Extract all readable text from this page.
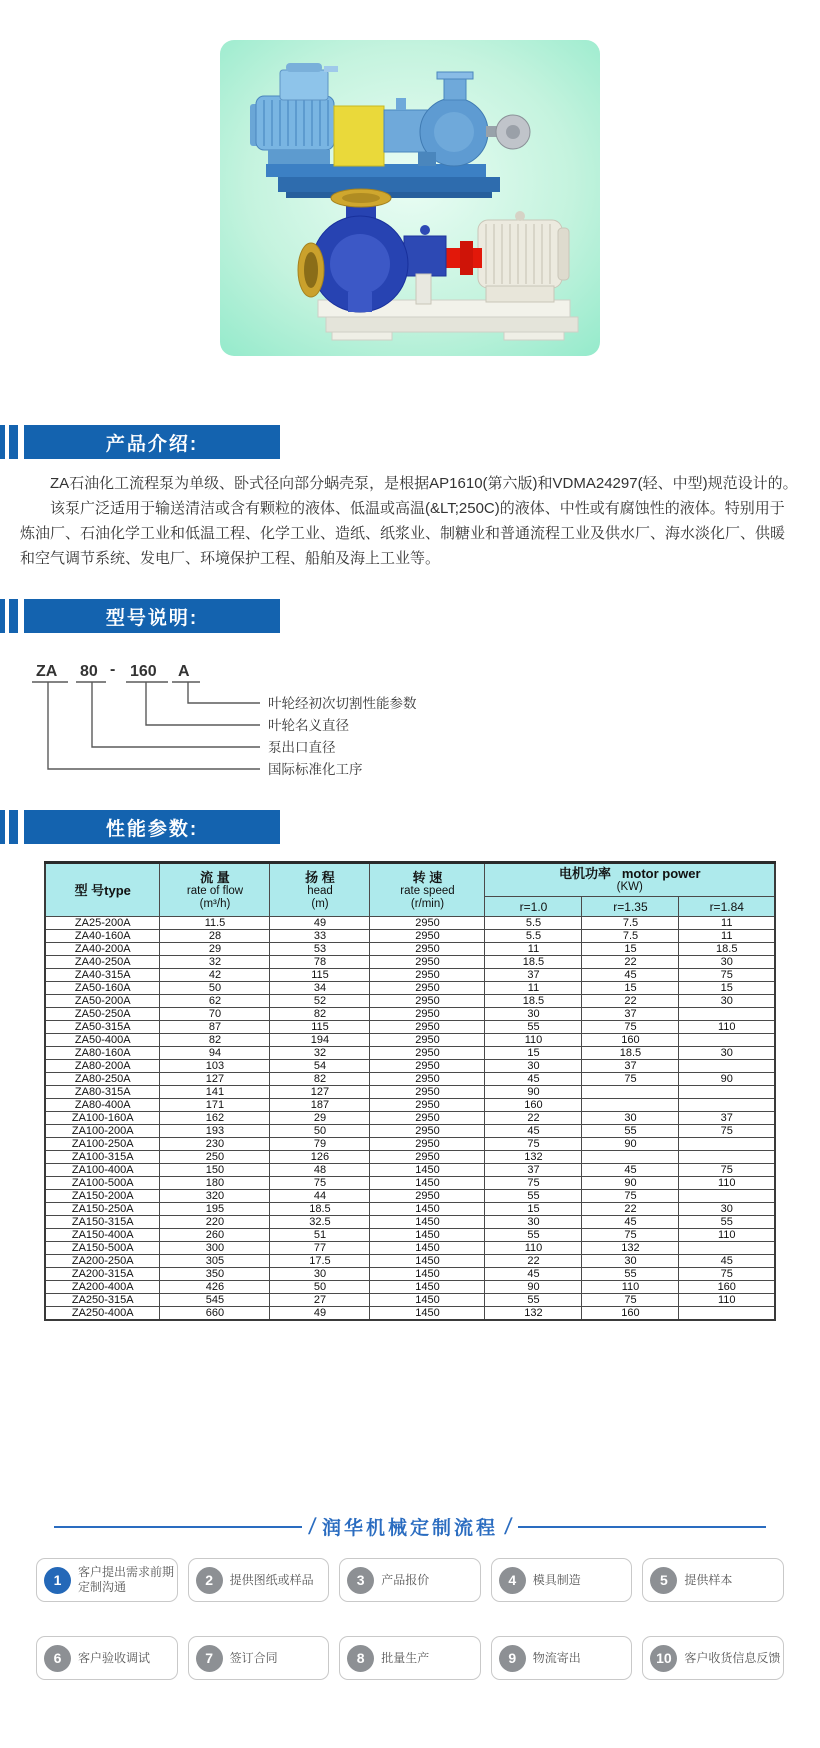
产品介绍:

ZA石油化工流程泵为单级、卧式径向部分蜗壳泵，是根据AP1610(第六版)和VDMA24297(轻、中型)规范设计的。

该泵广泛适用于输送清洁或含有颗粒的液体、低温或高温(&LT;250C)的液体、中性或有腐蚀性的液体。特别用于炼油厂、石油化学工业和低温工程、化学工业、造纸、纸浆业、制糖业和普通流程工业及供水厂、海水淡化厂、供暖和空气调节系统、发电厂、环境保护工程、船舶及海上工业等。

型号说明:
ZA 80 - 160 A
叶轮经初次切割性能参数
叶轮名义直径
泵出口直径
国际标准化工序
性能参数:
型 号type	流 量
rate of flow
(m³/h)	扬 程
head
(m)	转 速
rate speed
(r/min)	电机功率 motor power
(KW)		

				r=1.0	r=1.35	r=1.84
ZA25-200A	11.5	49	2950	5.5	7.5	11
ZA40-160A	28	33	2950	5.5	7.5	11
ZA40-200A	29	53	2950	11	15	18.5
ZA40-250A	32	78	2950	18.5	22	30
ZA40-315A	42	115	2950	37	45	75
ZA50-160A	50	34	2950	11	15	15
ZA50-200A	62	52	2950	18.5	22	30
ZA50-250A	70	82	2950	30	37	
ZA50-315A	87	115	2950	55	75	110
ZA50-400A	82	194	2950	110	160	
ZA80-160A	94	32	2950	15	18.5	30
ZA80-200A	103	54	2950	30	37	
ZA80-250A	127	82	2950	45	75	90
ZA80-315A	141	127	2950	90		
ZA80-400A	171	187	2950	160		
ZA100-160A	162	29	2950	22	30	37
ZA100-200A	193	50	2950	45	55	75
ZA100-250A	230	79	2950	75	90	
ZA100-315A	250	126	2950	132		
ZA100-400A	150	48	1450	37	45	75
ZA100-500A	180	75	1450	75	90	110
ZA150-200A	320	44	2950	55	75	
ZA150-250A	195	18.5	1450	15	22	30
ZA150-315A	220	32.5	1450	30	45	55
ZA150-400A	260	51	1450	55	75	110
ZA150-500A	300	77	1450	110	132	
ZA200-250A	305	17.5	1450	22	30	45
ZA200-315A	350	30	1450	45	55	75
ZA200-400A	426	50	1450	90	110	160
ZA250-315A	545	27	1450	55	75	110
ZA250-400A	660	49	1450	132	160	
/ 润华机械定制流程 /
1 客户提出需求前期定制沟通	2 提供图纸或样品	3 产品报价	4 模具制造	5 提供样本
6 客户验收调试	7 签订合同	8 批量生产	9 物流寄出	10 客户收货信息反馈
